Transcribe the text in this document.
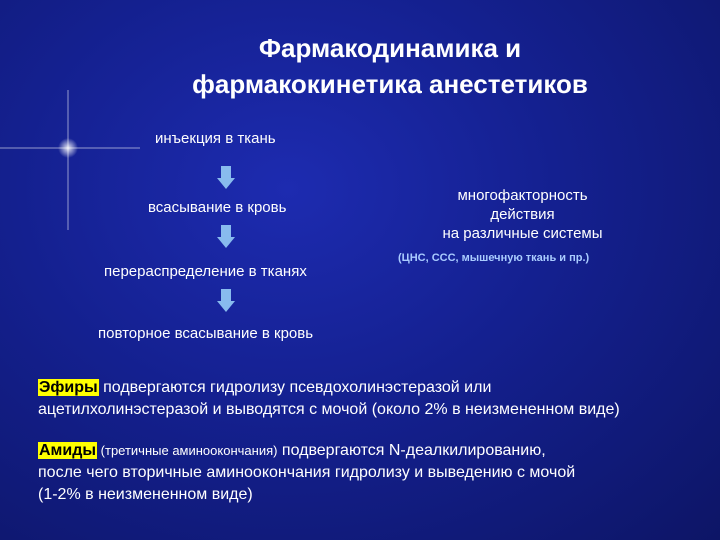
Фармакодинамика и
фармакокинетика анестетиков
инъекция в ткань
всасывание в кровь
перераспределение в тканях
повторное всасывание в кровь
многофакторность
действия
на различные системы
(ЦНС, ССС, мышечную ткань и пр.)
Эфиры подвергаются гидролизу псевдохолинэстеразой или
ацетилхолинэстеразой и выводятся с мочой (около 2% в неизмененном виде)
Амиды (третичные аминоокончания) подвергаются N-деалкилированию,
после чего вторичные аминоокончания гидролизу и выведению с мочой
(1-2% в неизмененном виде)
